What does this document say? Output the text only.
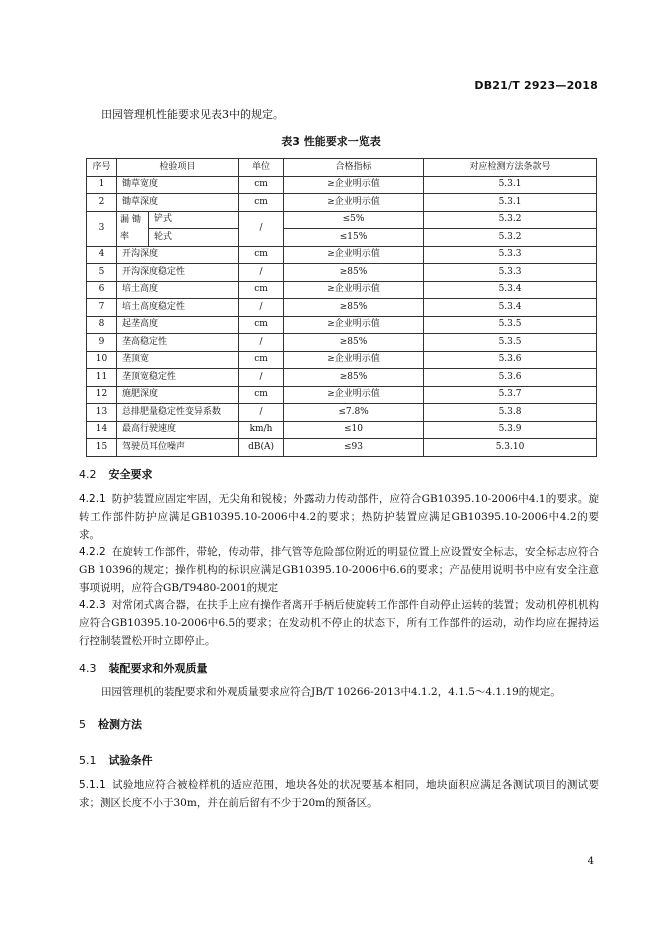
DB21/T 2923—2018
田园管理机性能要求见表3中的规定。
表3 性能要求一览表
序号	检验项目		单位	合格指标	对应检测方法条款号
1	锄草宽度		cm	≥企业明示值	5.3.1
2	锄草深度		cm	≥企业明示值	5.3.1
3	漏 锄
率	铲式	/	≤5%	5.3.2
		轮式		≤15%	5.3.2
4	开沟深度		cm	≥企业明示值	5.3.3
5	开沟深度稳定性		/	≥85%	5.3.3
6	培土高度		cm	≥企业明示值	5.3.4
7	培土高度稳定性		/	≥85%	5.3.4
8	起垄高度		cm	≥企业明示值	5.3.5
9	垄高稳定性		/	≥85%	5.3.5
10	垄顶宽		cm	≥企业明示值	5.3.6
11	垄顶宽稳定性		/	≥85%	5.3.6
12	施肥深度		cm	≥企业明示值	5.3.7
13	总排肥量稳定性变异系数		/	≤7.8%	5.3.8
14	最高行驶速度		km/h	≤10	5.3.9
15	驾驶员耳位噪声		dB(A)	≤93	5.3.10
4.2 安全要求
4.2.1 防护装置应固定牢固，无尖角和锐棱；外露动力传动部件，应符合GB10395.10-2006中4.1的要求。旋转工作部件防护应满足GB10395.10-2006中4.2的要求；热防护装置应满足GB10395.10-2006中4.2的要求。
4.2.2 在旋转工作部件，带轮，传动带，排气管等危险部位附近的明显位置上应设置安全标志，安全标志应符合GB 10396的规定；操作机构的标识应满足GB10395.10-2006中6.6的要求；产品使用说明书中应有安全注意事项说明，应符合GB/T9480-2001的规定
4.2.3 对常闭式离合器，在扶手上应有操作者离开手柄后使旋转工作部件自动停止运转的装置；发动机停机机构应符合GB10395.10-2006中6.5的要求；在发动机不停止的状态下，所有工作部件的运动，动作均应在握持运行控制装置松开时立即停止。
4.3 装配要求和外观质量
田园管理机的装配要求和外观质量要求应符合JB/T 10266-2013中4.1.2，4.1.5～4.1.19的规定。
5 检测方法
5.1 试验条件
5.1.1 试验地应符合被检样机的适应范围，地块各处的状况要基本相同，地块面积应满足各测试项目的测试要求；测区长度不小于30m，并在前后留有不少于20m的预备区。
4
